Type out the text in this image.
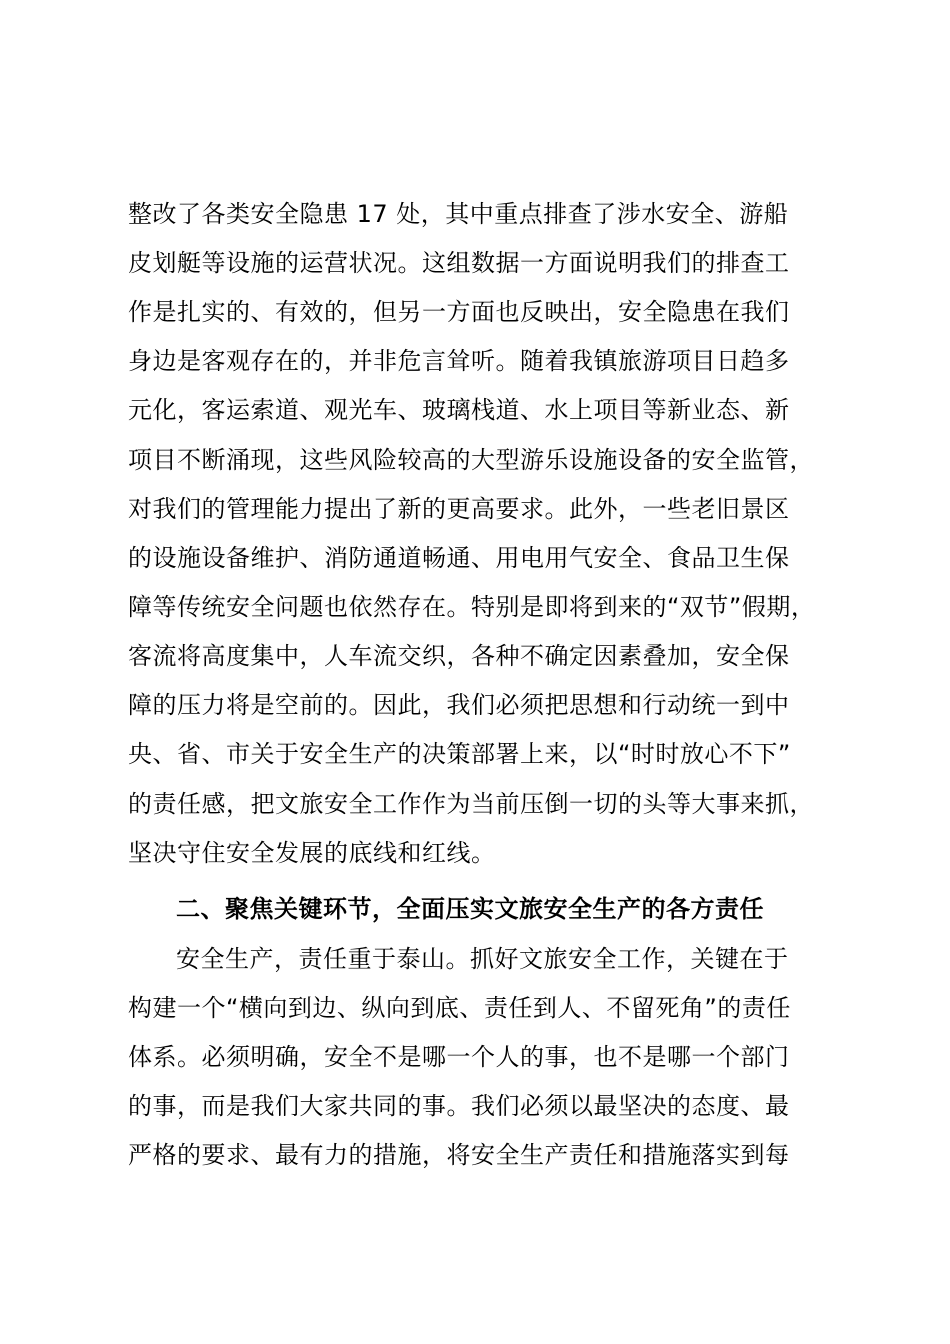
整改了各类安全隐患 17 处，其中重点排查了涉水安全、游船
皮划艇等设施的运营状况。这组数据一方面说明我们的排查工
作是扎实的、有效的，但另一方面也反映出，安全隐患在我们
身边是客观存在的，并非危言耸听。随着我镇旅游项目日趋多
元化，客运索道、观光车、玻璃栈道、水上项目等新业态、新
项目不断涌现，这些风险较高的大型游乐设施设备的安全监管，
对我们的管理能力提出了新的更高要求。此外，一些老旧景区
的设施设备维护、消防通道畅通、用电用气安全、食品卫生保
障等传统安全问题也依然存在。特别是即将到来的“双节”假期，
客流将高度集中，人车流交织，各种不确定因素叠加，安全保
障的压力将是空前的。因此，我们必须把思想和行动统一到中
央、省、市关于安全生产的决策部署上来，以“时时放心不下”
的责任感，把文旅安全工作作为当前压倒一切的头等大事来抓，
坚决守住安全发展的底线和红线。
二、聚焦关键环节，全面压实文旅安全生产的各方责任
安全生产，责任重于泰山。抓好文旅安全工作，关键在于
构建一个“横向到边、纵向到底、责任到人、不留死角”的责任
体系。必须明确，安全不是哪一个人的事，也不是哪一个部门
的事，而是我们大家共同的事。我们必须以最坚决的态度、最
严格的要求、最有力的措施，将安全生产责任和措施落实到每
